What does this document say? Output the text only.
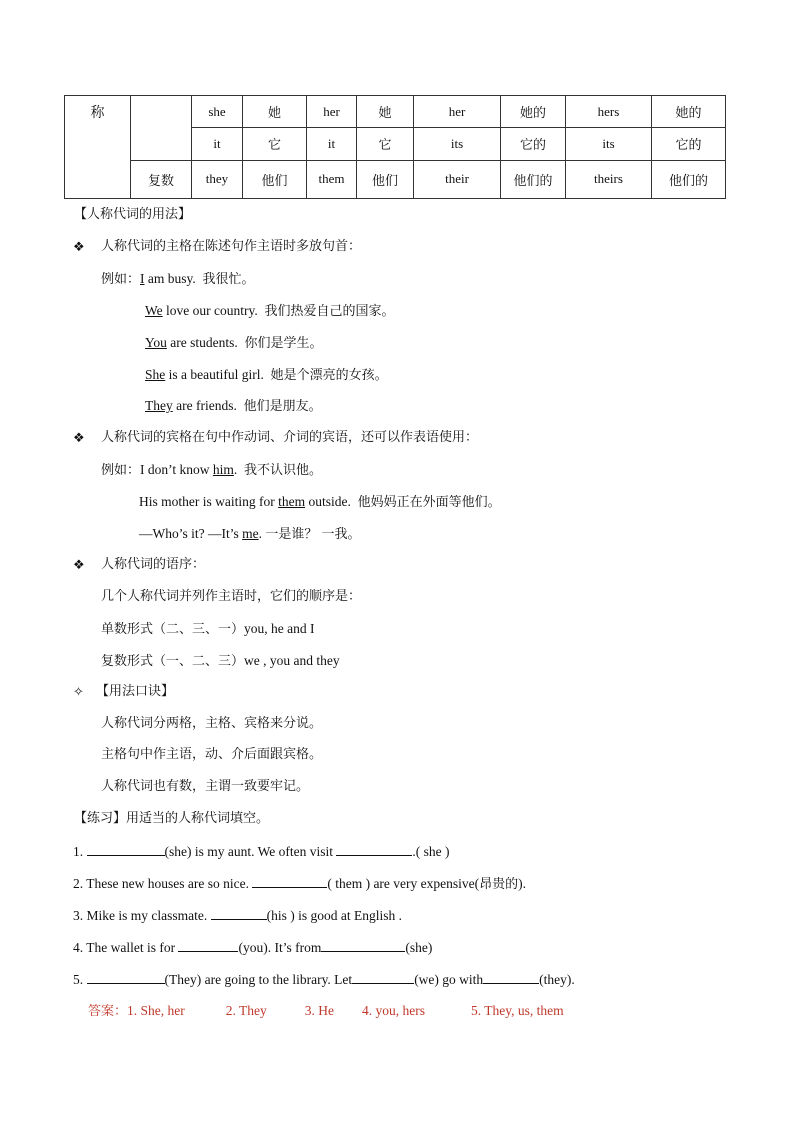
称		she	她	her	她	her	她的	hers	她的
		it	它	it	它	its	它的	its	它的
	复数	they	他们	them	他们	their	他们的	theirs	他们的
【人称代词的用法】
❖ 人称代词的主格在陈述句作主语时多放句首：
例如：I am busy. 我很忙。
We love our country. 我们热爱自己的国家。
You are students. 你们是学生。
She is a beautiful girl. 她是个漂亮的女孩。
They are friends. 他们是朋友。
❖ 人称代词的宾格在句中作动词、介词的宾语，还可以作表语使用：
例如：I don’t know him. 我不认识他。
His mother is waiting for them outside. 他妈妈正在外面等他们。
—Who’s it? —It’s me. 一是谁？ 一我。
❖ 人称代词的语序：
几个人称代词并列作主语时，它们的顺序是：
单数形式（二、三、一）you, he and I
复数形式（一、二、三）we , you and they
✧ 【用法口诀】
人称代词分两格，主格、宾格来分说。
主格句中作主语，动、介后面跟宾格。
人称代词也有数，主谓一致要牢记。
【练习】用适当的人称代词填空。
1.	(she) is my aunt. We often visit	.( she )
2. These new houses are so nice.	( them ) are very expensive(昂贵的).
3. Mike is my classmate.	(his ) is good at English .
4. The wallet is for	(you). It’s from	(she)
5.	(They) are going to the library. Let	(we) go with	(they).
答案：1. She, her	2. They	3. He 4. you, hers	5. They, us, them
